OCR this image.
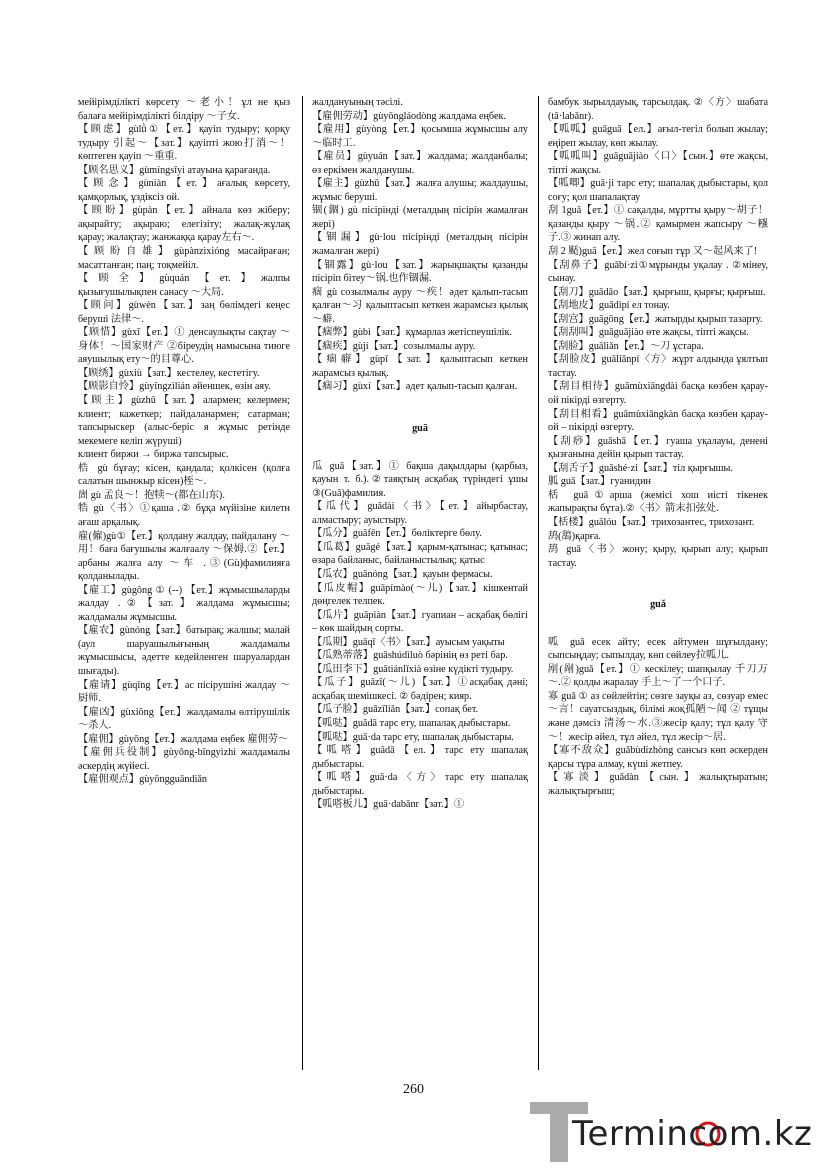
мейірімділікті көрсету ～老小！ұл не қыз балаға мейірімділікті білдіру ～子女.

【顾虑】gùlǜ①【ет.】қауіп тудыру; қорқу тудыру 引起～【зат.】қауіпті жою打消～！көптеген қауіп ～重重.

【顾名思义】gùmíngsīyì атауына қарағанда.

【顾念】gùniàn【ет.】ағалық көрсету, қамқорлық, ұздіксіз ой.

【顾盼】gùpàn【ет.】айнала көз жіберу; ақырайту; ақыраю; елегізіту; жалақ-жұлақ қарау; жалақтау; жанжаққа қарау左右～.

【顾盼自雄】gùpànzìxióng масайраған; масаттанған; паң; тоқмейіл.

【顾全】gùquán【ет.】жалпы қызығушылықпен санасу ～大局.

【顾问】gùwèn【зат.】заң бөлімдегі кеңес беруші 法律～.

【顾惜】gùxī【ет.】① денсаулықты сақтау ～身体！～国家财产 ②біреудің намысына тиюге аяушылық ету～的目尊心.

【顾绣】gùxiù【зат.】кестелеу, кестетігу.

【顾影自怜】gùyǐngzìlián әйеншек, өзін аяу.

【顾主】gùzhǔ【зат.】алармен; келермен; клиент; кажеткер; пайдаланармен; сатарман; тапсырыскер (алыс-беріс я жұмыс ретінде мекемеге келіп жүруші)

клиент биржи → биржа тапсырыс.

梏 gù бұғау; кісен, қандала; қолкісен (қолға салатын шынжыр кісен)桎～.

崮 gù 孟良～！抱犊～(都在山东).

牿 gù〈书〉①қаша .② бұқа мүйізіне килетн ағаш арқалық.

雇(僱)gù①【ет.】қолдану жалдау, пайдалану ～用！бағa бағушылы жалғаалу ～保姆.②【ет.】арбаны жалға алу ～车 .③(Gù)фамилияға қолданылады.

【雇工】gùgōng ① (--) 【ет.】жұмысшыларды жалдау .②【зат.】жалдама жұмысшы; жалдамалы жұмысшы.

【雇农】gùnóng【зат.】батырақ; жалшы; малай (аул шаруашылығының жалдамалы жұмысшысы, әдетте кедейленген шаруалардан шығады).

【雇请】gùqǐng【ет.】ас пісірушіні жалдау ～厨师.

【雇凶】gùxiōng【ет.】жалдамалы өлтірушілік ～杀人.

【雇佣】gùyōng【ет.】жалдама еңбек 雇佣劳～

【雇佣兵役制】gùyōng-bīngyìzhì жалдамалы әскердің жүйесі.

【雇佣观点】gùyōngguāndiǎn

жалдануының тәсілі.

【雇佣劳动】gùyōngláodòng жалдама еңбек.

【雇用】gùyòng【ет.】қосымша жұмысшы алу～临时工.

【雇员】gùyuán【зат.】жалдама; жалданбалы; өз еркімен жалданушы.

【雇主】gùzhǔ【зат.】жалға алушы; жалдаушы, жұмыс беруші.

锢(錮) gù пісірінді (металдың пісірін жамалған жері)

【锢漏】gù·lou пісірінді (металдың пісірін жамалған жері)

【锢露】gù·lou【зат.】жарықшақты қазанды пісіріп бітеу～锅.也作锢漏.

痼 gù созылмалы ауру ～疾！әдет қалып-тасып қалған～习 қалыптасып кеткен жарамсыз қылық ～癖.

【痼弊】gùbì【зат.】құмарлаз жетіспеушілік.

【痼疾】gùjí【зат.】созылмалы ауру.

【痼癖】gùpǐ【зат.】қалыптасып кеткен жарамсыз қылық.

【痼习】gùxí【зат.】әдет қалып-тасып қалған.

guā

瓜 guā【зат.】① бақша дақылдары (қарбыз, қауын т. б.).②таяқтың асқабақ түріндегі ұшы ③(Guā)фамилия.

【瓜代】guādài〈书〉【ет.】айырбастау, алмастыру; ауыстыру.

【瓜分】guāfēn【ет.】бөліктерге бөлу.

【瓜葛】guāgé【зат.】қарым-қатынас; қатынас; өзара байланыс, байланыстылық; қатыс

【瓜农】guānóng【зат.】қауын фермасы.

【瓜皮帽】guāpímào(～儿)【зат.】кішкентай дөңгелек телпек.

【瓜片】guāpiàn【зат.】гуапиан – асқабақ бөлігі – көк шайдың сорты.

【瓜期】guāqī〈书〉【зат.】ауысым уақыты

【瓜熟蒂落】guāshúdìluò бәрінің өз реті бар.

【瓜田李下】guātiánlǐxià өзіне күдікті тудыру.

【瓜子】guāzǐ(～儿)【зат.】①асқабақ дәні; асқабақ шемішкесі. ② бәдірен; кияр.

【瓜子脸】guāzǐliǎn【зат.】сопақ бет.

【呱哒】guādā тарс ету, шапалақ дыбыстары.

【呱哒】guā·da тарс ету, шапалақ дыбыстары.

【呱嗒】guādā【ел.】тарс ету шапалақ дыбыстары.

【呱嗒】guā·da〈方〉тарс ету шапалақ дыбыстары.

【呱嗒板儿】guā·dabǎnr【зат.】①

бамбук зырылдауық, тарсылдақ. ②〈方〉шабата (tā·labǎnr).

【呱呱】guāguā【ел.】ағыл-тегіл болып жылау; еңіреп жылау, көп жылау.

【呱呱叫】guāguājiào〈口〉【сын.】өте жақсы, тіпті жақсы.

【呱唧】guā·ji тарс ету; шапалақ дыбыстары, қол соғу; қол шапалақтау

刮 1guā【ет.】① сақалды, мұртты қыру～胡子！қазанды қыру ～锅.② қамырмен жапсыру ～糨子.③ жинап алу.

刮 2 颳)guā【ет.】жел соғып тұр 又～起风来了!

【刮鼻子】guābí·zi①мұрынды уқалау . ②мінеу, сынау.

【刮刀】guādāo【зат.】қырғыш, қырғы; қырғыш.

【刮地皮】guādìpí ел тонау.

【刮宫】guāgōng【ет.】жатырды қырып тазарту.

【刮刮叫】guāguājiào өте жақсы, тіпті жақсы.

【刮脸】guāliǎn【ет.】～刀 ұстара.

【刮脸皮】guāliǎnpí〈方〉жұрт алдында ұялтып тастау.

【刮目相待】guāmùxiāngdài басқа көзбен қарау- ой пікірді өзгерту.

【刮目相看】guāmùxiāngkàn басқа көзбен қарау- ой – пікірді өзгерту.

【刮痧】guāshā【ет.】гуаша уқалауы, денені қызғанына дейін қырып тастау.

【刮舌子】guāshé·zi【зат.】тіл қырғышы.

胍 guā【зат.】гуанидин

栝 guā①арша (жемісі хош иісті тікенек жапырақты бұта).②〈书〉箭末扣弦处.

【栝楼】guālóu【зат.】трихозантес, трихозант.

鸹(鴰)қарға.

鸹 guā〈书〉жону; қыру, қырып алу; қырып тастау.

guǎ

呱 guǎ есек айту; есек айтумен шұғылдану; сыпсыңдау; сыпылдау, көп сөйлеу拉呱儿.

剐(剮)guǎ【ет.】① кескілеу; шапқылау 千刀万～.② қолды жаралау 手上～了一个口子.

寡 guǎ ① аз сөйлейтін; сөзге зауқы аз, сөзуар емес ～言！сауатсыздық, білімі жоқ孤陋～闻 ② тұщы және дәмсіз 清汤～水.③жесір қалу; тұл қалу 守～！жесір әйел, тұл әйел, тұл жесір～居.

【寡不敌众】guǎbùdízhòng сансыз көп әскерден қарсы тұра алмау, күші жетпеу.

【寡淡】guǎdàn【сын.】жалықтыратын; жалықтырғыш;

260
Termincom.kz
